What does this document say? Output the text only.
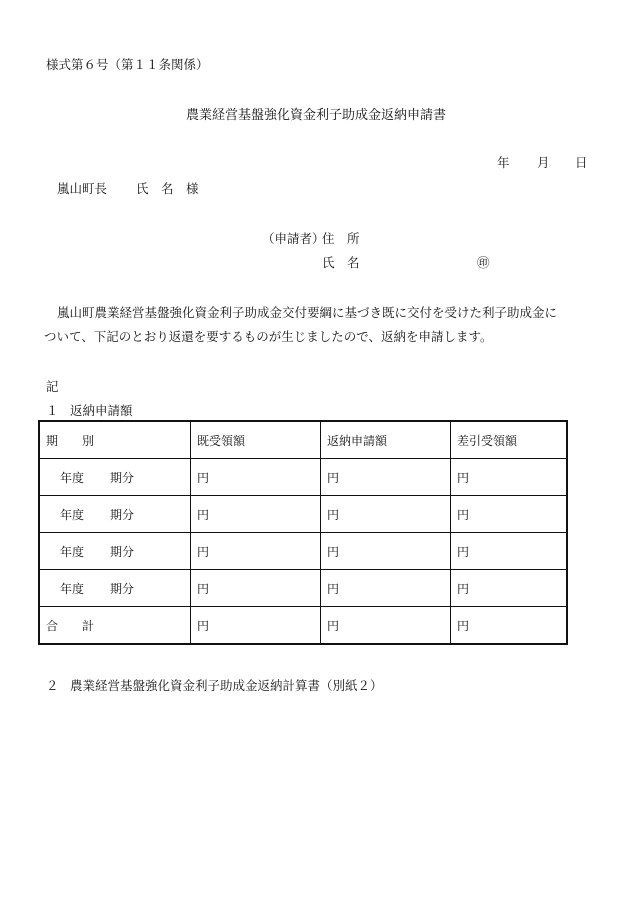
様式第６号（第１１条関係）
農業経営基盤強化資金利子助成金返納申請書
年 月 日
嵐山町長 氏　名　様
（申請者）
住　所
氏　名	㊞
嵐山町農業経営基盤強化資金利子助成金交付要綱に基づき既に交付を受けた利子助成金に
ついて、下記のとおり返還を要するものが生じましたので、返納を申請します。
記
１ 返納申請額
期　　別	既受領額	返納申請額	差引受領額
年度 期分	円	円	円
年度 期分	円	円	円
年度 期分	円	円	円
年度 期分	円	円	円
合　　計	円	円	円
２ 農業経営基盤強化資金利子助成金返納計算書（別紙２）
